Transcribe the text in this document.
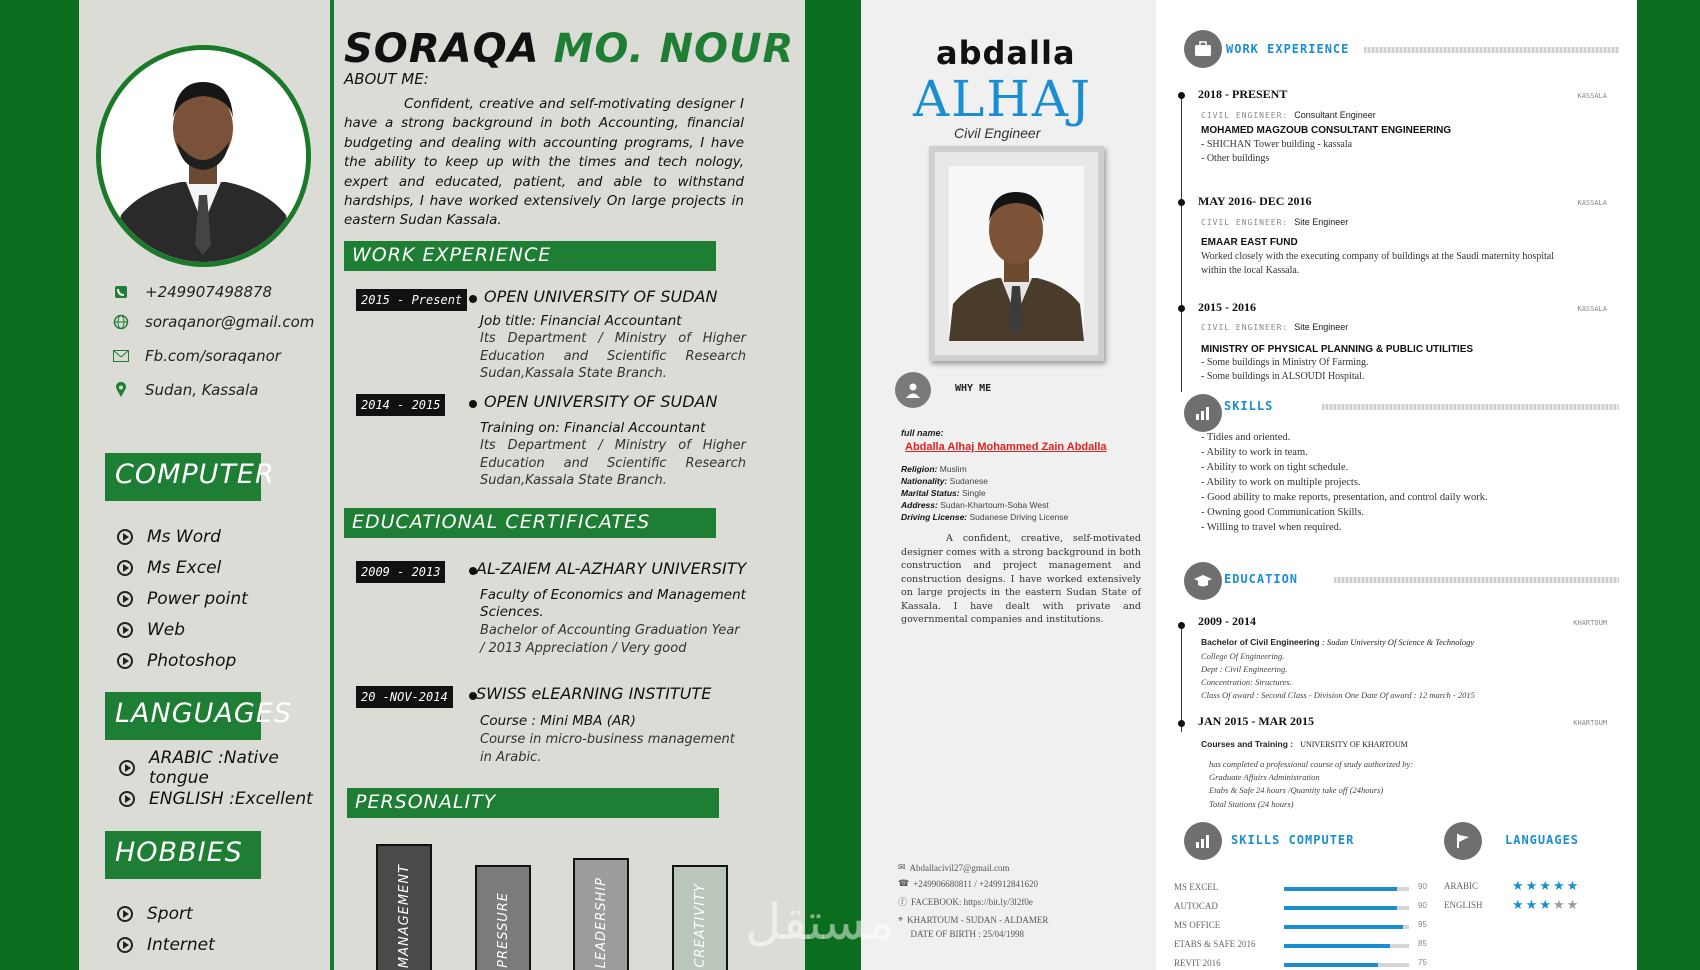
+249907498878
soraqanor@gmail.com
Fb.com/soraqanor
Sudan, Kassala
COMPUTER
Ms Word
Ms Excel
Power point
Web
Photoshop
LANGUAGES
ARABIC :Native tongue
ENGLISH :Excellent
HOBBIES
Sport
Internet
SORAQA MO. NOUR
ABOUT ME:
Confident, creative and self-motivating designer I have a strong background in both Accounting, financial budgeting and dealing with accounting programs, I have the ability to keep up with the times and tech nology, expert and educated, patient, and able to withstand hardships, I have worked extensively On large projects in eastern Sudan Kassala.
WORK EXPERIENCE
2015 - Present	OPEN UNIVERSITY OF SUDAN
Job title: Financial Accountant
Its Department / Ministry of Higher Education and Scientific Research Sudan,Kassala State Branch.
2014 - 2015	OPEN UNIVERSITY OF SUDAN
Training on: Financial Accountant
Its Department / Ministry of Higher Education and Scientific Research Sudan,Kassala State Branch.
EDUCATIONAL CERTIFICATES
2009 - 2013	AL-ZAIEM AL-AZHARY UNIVERSITY
Faculty of Economics and Management Sciences.
Bachelor of Accounting Graduation Year / 2013 Appreciation / Very good
20 -NOV-2014	SWISS eLEARNING INSTITUTE
Course : Mini MBA (AR)
Course in micro-business management in Arabic.
PERSONALITY
MANAGEMENT	PRESSURE	LEADERSHIP	CREATIVITY
abdalla
ALHAJ
Civil Engineer
WHY ME
full name:
Abdalla Alhaj Mohammed Zain Abdalla
Religion: Muslim
Nationality: Sudanese
Marital Status: Single
Address: Sudan-Khartoum-Soba West
Driving License: Sudanese Driving License
A confident, creative, self-motivated designer comes with a strong background in both construction and project management and construction designs. I have worked extensively on large projects in the eastern Sudan State of Kassala. I have dealt with private and governmental companies and institutions.
✉ Abdallacivil27@gmail.com
☎ +249906680811 / +249912841620
ⓕ FACEBOOK: https://bit.ly/3l2f0e
⌖ KHARTOUM - SUDAN - ALDAMER
DATE OF BIRTH : 25/04/1998
WORK EXPERIENCE
2018 - PRESENT	KASSALA
CIVIL ENGINEER: Consultant Engineer
MOHAMED MAGZOUB CONSULTANT ENGINEERING
- SHICHAN Tower building - kassala
- Other buildings
MAY 2016- DEC 2016	KASSALA
CIVIL ENGINEER: Site Engineer
EMAAR EAST FUND
Worked closely with the executing company of buildings at the Saudi maternity hospital within the local Kassala.
2015 - 2016	KASSALA
CIVIL ENGINEER: Site Engineer
MINISTRY OF PHYSICAL PLANNING & PUBLIC UTILITIES
- Some buildings in Ministry Of Farming.
- Some buildings in ALSOUDI Hospital.
SKILLS
- Tidies and oriented.
- Ability to work in team.
- Ability to work on tight schedule.
- Ability to work on multiple projects.
- Good ability to make reports, presentation, and control daily work.
- Owning good Communication Skills.
- Willing to travel when required.
EDUCATION
2009 - 2014	KHARTOUM
Bachelor of Civil Engineering : Sudan University Of Science & Technology
College Of Engineering.
Dept : Civil Engineering.
Concentration: Structures.
Class Of award : Second Class - Division One Date Of award : 12 march - 2015
JAN 2015 - MAR 2015	KHARTOUM
Courses and Training : UNIVERSITY OF KHARTOUM
has completed a professional course of study authorized by:
Graduate Affairs Administration
Etabs & Safe 24 hours /Quantity take off (24hours)
Total Stations (24 hours)
SKILLS COMPUTER
MS EXCEL	90
AUTOCAD	90
MS OFFICE	95
ETABS & SAFE 2016	85
REVIT 2016	75
LANGUAGES
ARABIC	★★★★★
ENGLISH ★★★★★
مستقل
